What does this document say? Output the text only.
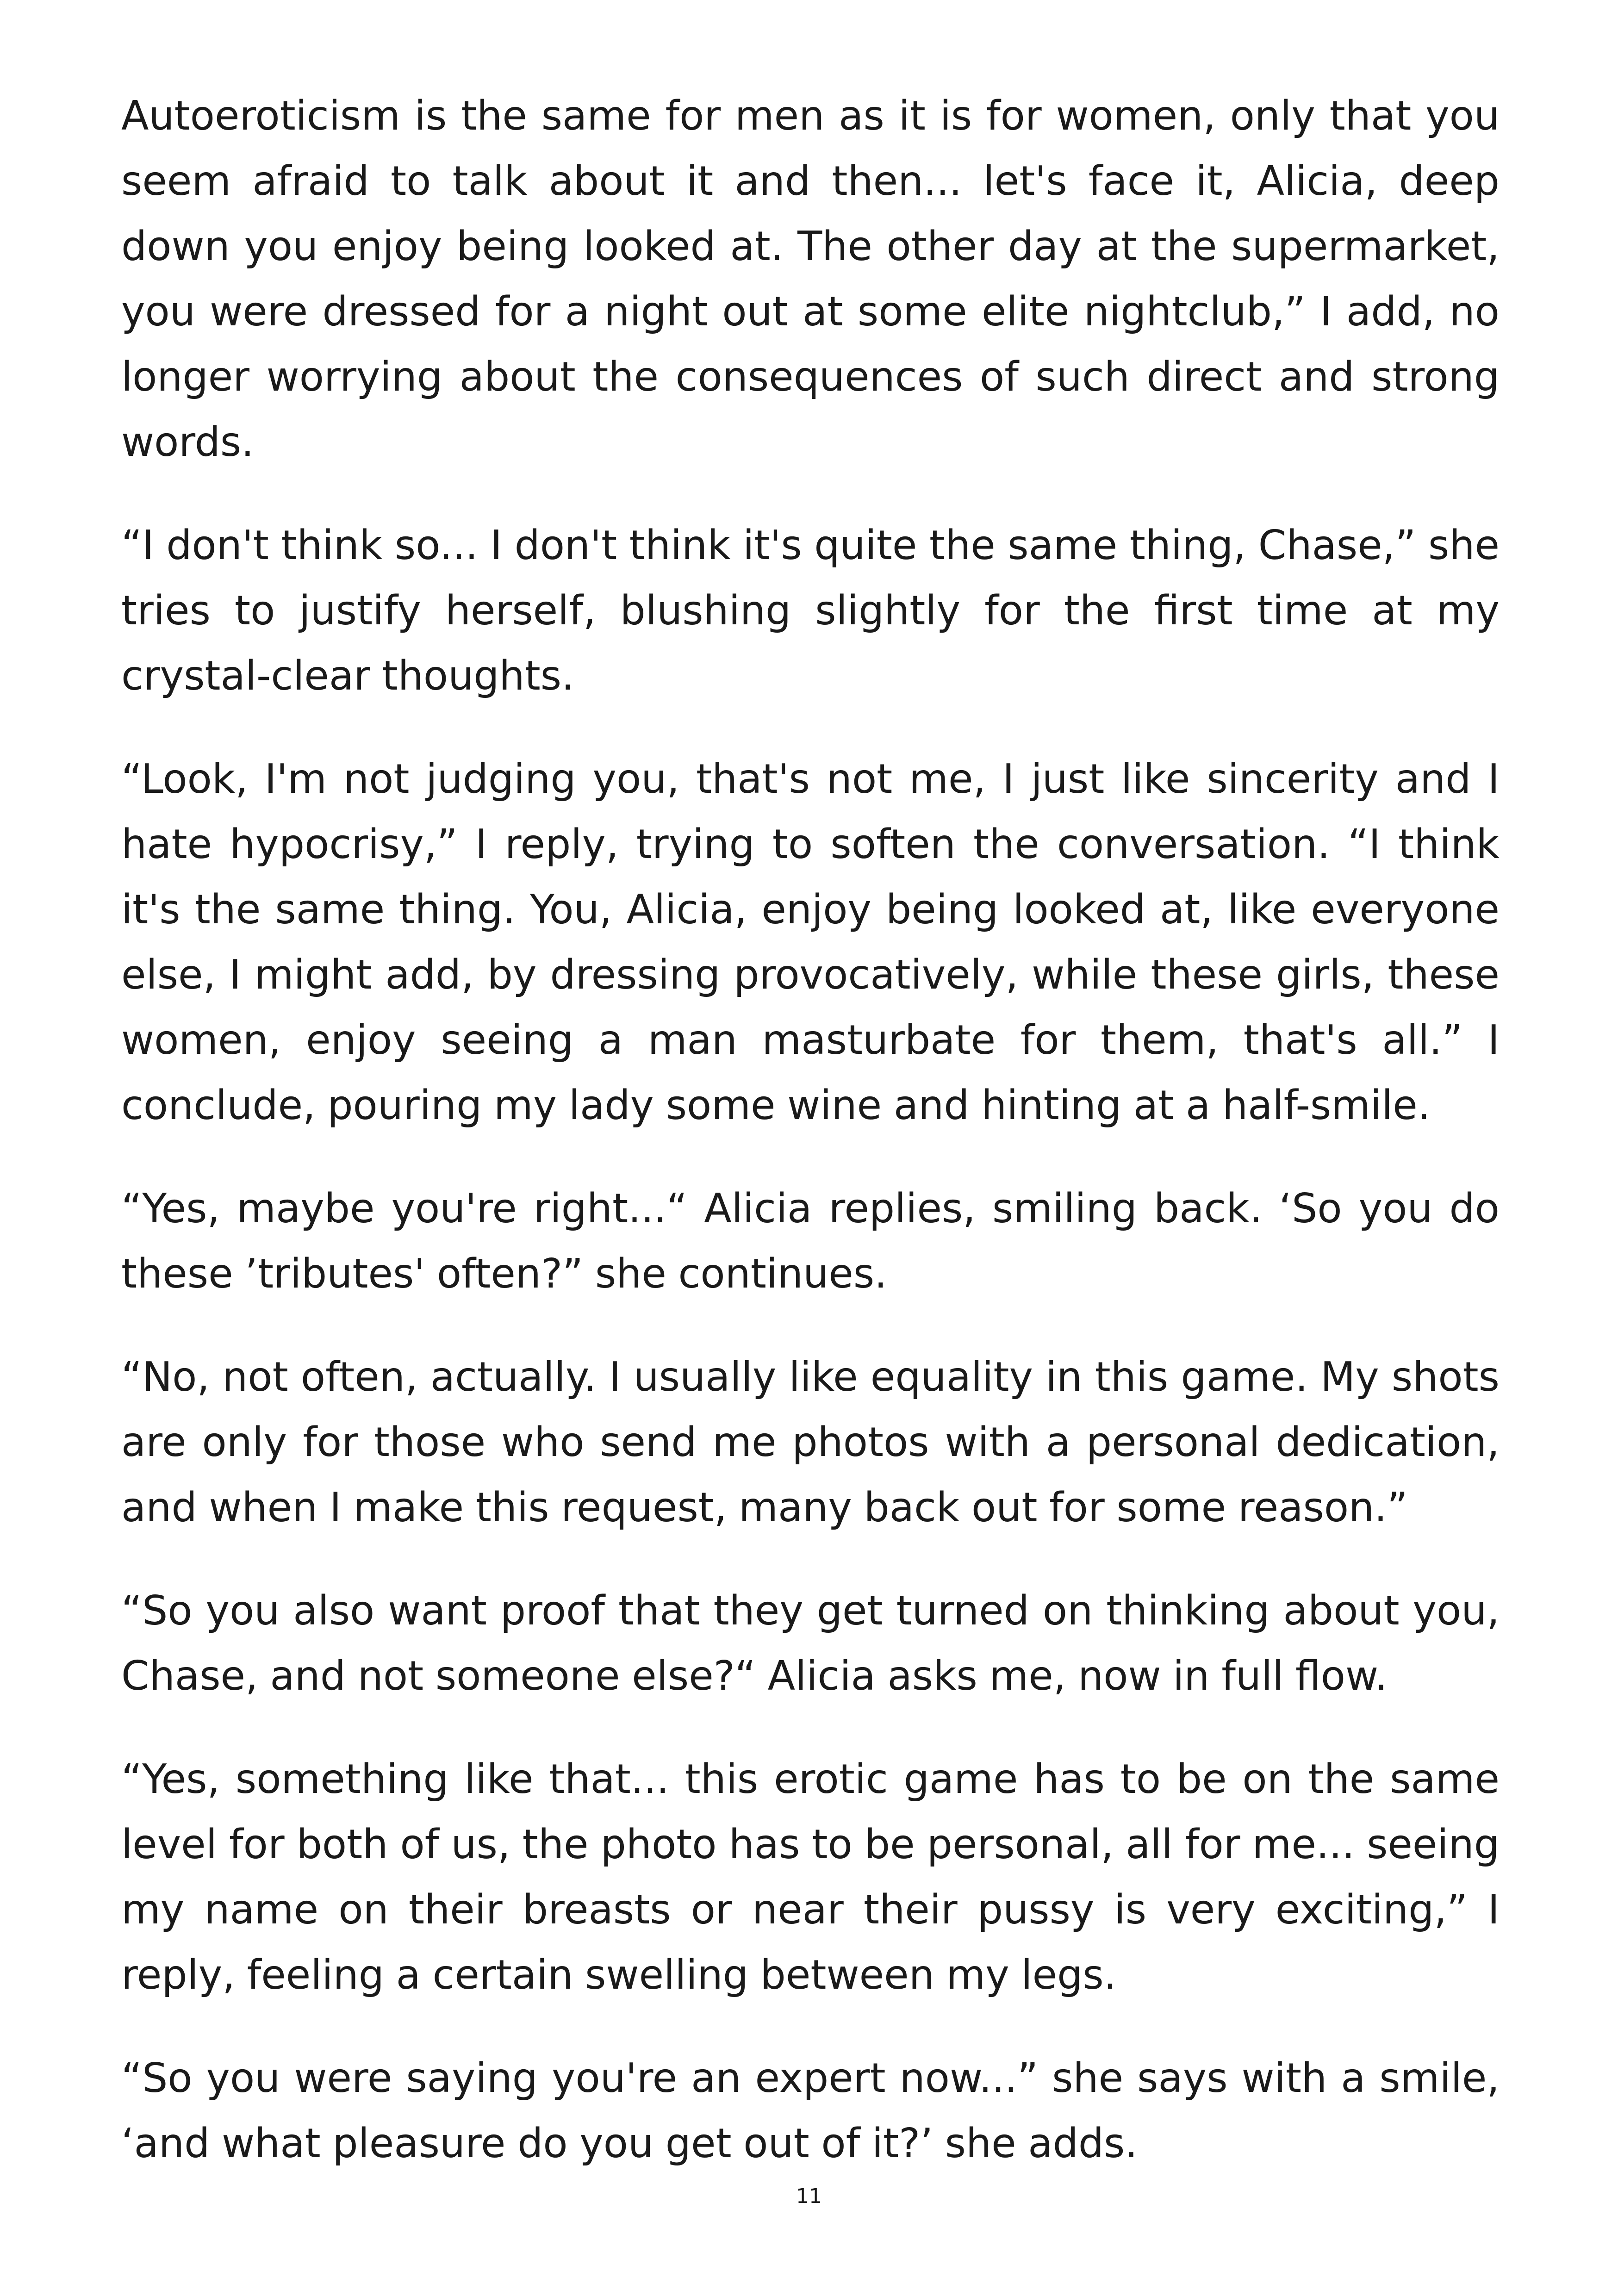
Autoeroticism is the same for men as it is for women, only that you seem afraid to talk about it and then... let's face it, Alicia, deep down you enjoy being looked at. The other day at the supermarket, you were dressed for a night out at some elite nightclub,” I add, no longer worrying about the consequences of such direct and strong words.

“I don't think so... I don't think it's quite the same thing, Chase,” she tries to justify herself, blushing slightly for the first time at my crystal-clear thoughts.

“Look, I'm not judging you, that's not me, I just like sincerity and I hate hypocrisy,” I reply, trying to soften the conversation. “I think it's the same thing. You, Alicia, enjoy being looked at, like everyone else, I might add, by dressing provocatively, while these girls, these women, enjoy seeing a man masturbate for them, that's all.” I conclude, pouring my lady some wine and hinting at a half-smile.

“Yes, maybe you're right...“ Alicia replies, smiling back. ‘So you do these ’tributes' often?” she continues.

“No, not often, actually. I usually like equality in this game. My shots are only for those who send me photos with a personal dedication, and when I make this request, many back out for some reason.”

“So you also want proof that they get turned on thinking about you, Chase, and not someone else?“ Alicia asks me, now in full flow.

“Yes, something like that... this erotic game has to be on the same level for both of us, the photo has to be personal, all for me... seeing my name on their breasts or near their pussy is very exciting,” I reply, feeling a certain swelling between my legs.

“So you were saying you're an expert now...” she says with a smile, ‘and what pleasure do you get out of it?’ she adds.

11
